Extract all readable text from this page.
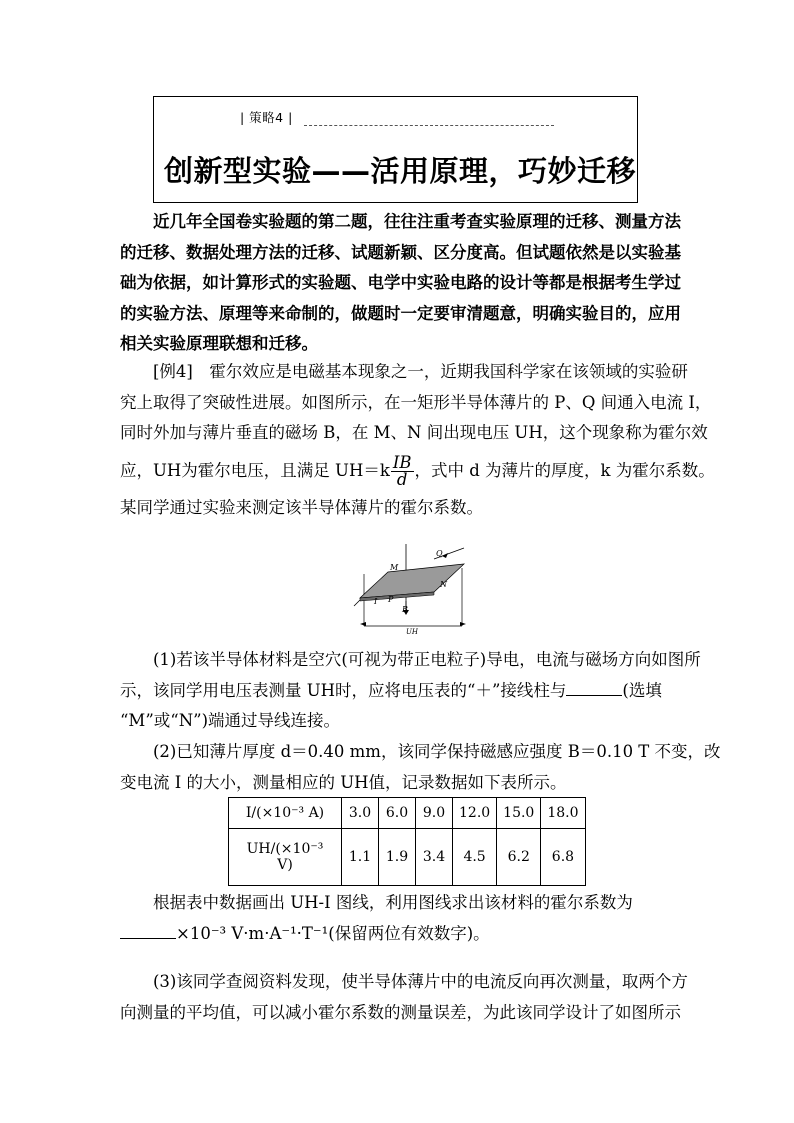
| 策略4 |
创新型实验——活用原理，巧妙迁移
近几年全国卷实验题的第二题，往往注重考查实验原理的迁移、测量方法
的迁移、数据处理方法的迁移、试题新颖、区分度高。但试题依然是以实验基
础为依据，如计算形式的实验题、电学中实验电路的设计等都是根据考生学过
的实验方法、原理等来命制的，做题时一定要审清题意，明确实验目的，应用
相关实验原理联想和迁移。
[例4]　霍尔效应是电磁基本现象之一，近期我国科学家在该领域的实验研
究上取得了突破性进展。如图所示，在一矩形半导体薄片的 P、Q 间通入电流 I，
同时外加与薄片垂直的磁场 B，在 M、N 间出现电压 UH，这个现象称为霍尔效
应，UH为霍尔电压，且满足 $UH=k \frac{IB}{d}$ ，式中 d 为薄片的厚度，k 为霍尔系数。
某同学通过实验来测定该半导体薄片的霍尔系数。
M
Q
N
I P
B
UH
(1)若该半导体材料是空穴(可视为带正电粒子)导电，电流与磁场方向如图所
示，该同学用电压表测量 UH时，应将电压表的“＋”接线柱与	(选填
“M”或“N”)端通过导线连接。
(2)已知薄片厚度 d＝0.40 mm，该同学保持磁感应强度 B＝0.10 T 不变，改
变电流 I 的大小，测量相应的 UH值，记录数据如下表所示。
I/(×10⁻³ A)	3.0	6.0	9.0	12.0	15.0	18.0

UH/(×10⁻³
V)	1.1	1.9	3.4	4.5	6.2	6.8
根据表中数据画出 UH-I 图线，利用图线求出该材料的霍尔系数为
×10⁻³ V·m·A⁻¹·T⁻¹(保留两位有效数字)。
(3)该同学查阅资料发现，使半导体薄片中的电流反向再次测量，取两个方
向测量的平均值，可以减小霍尔系数的测量误差，为此该同学设计了如图所示
